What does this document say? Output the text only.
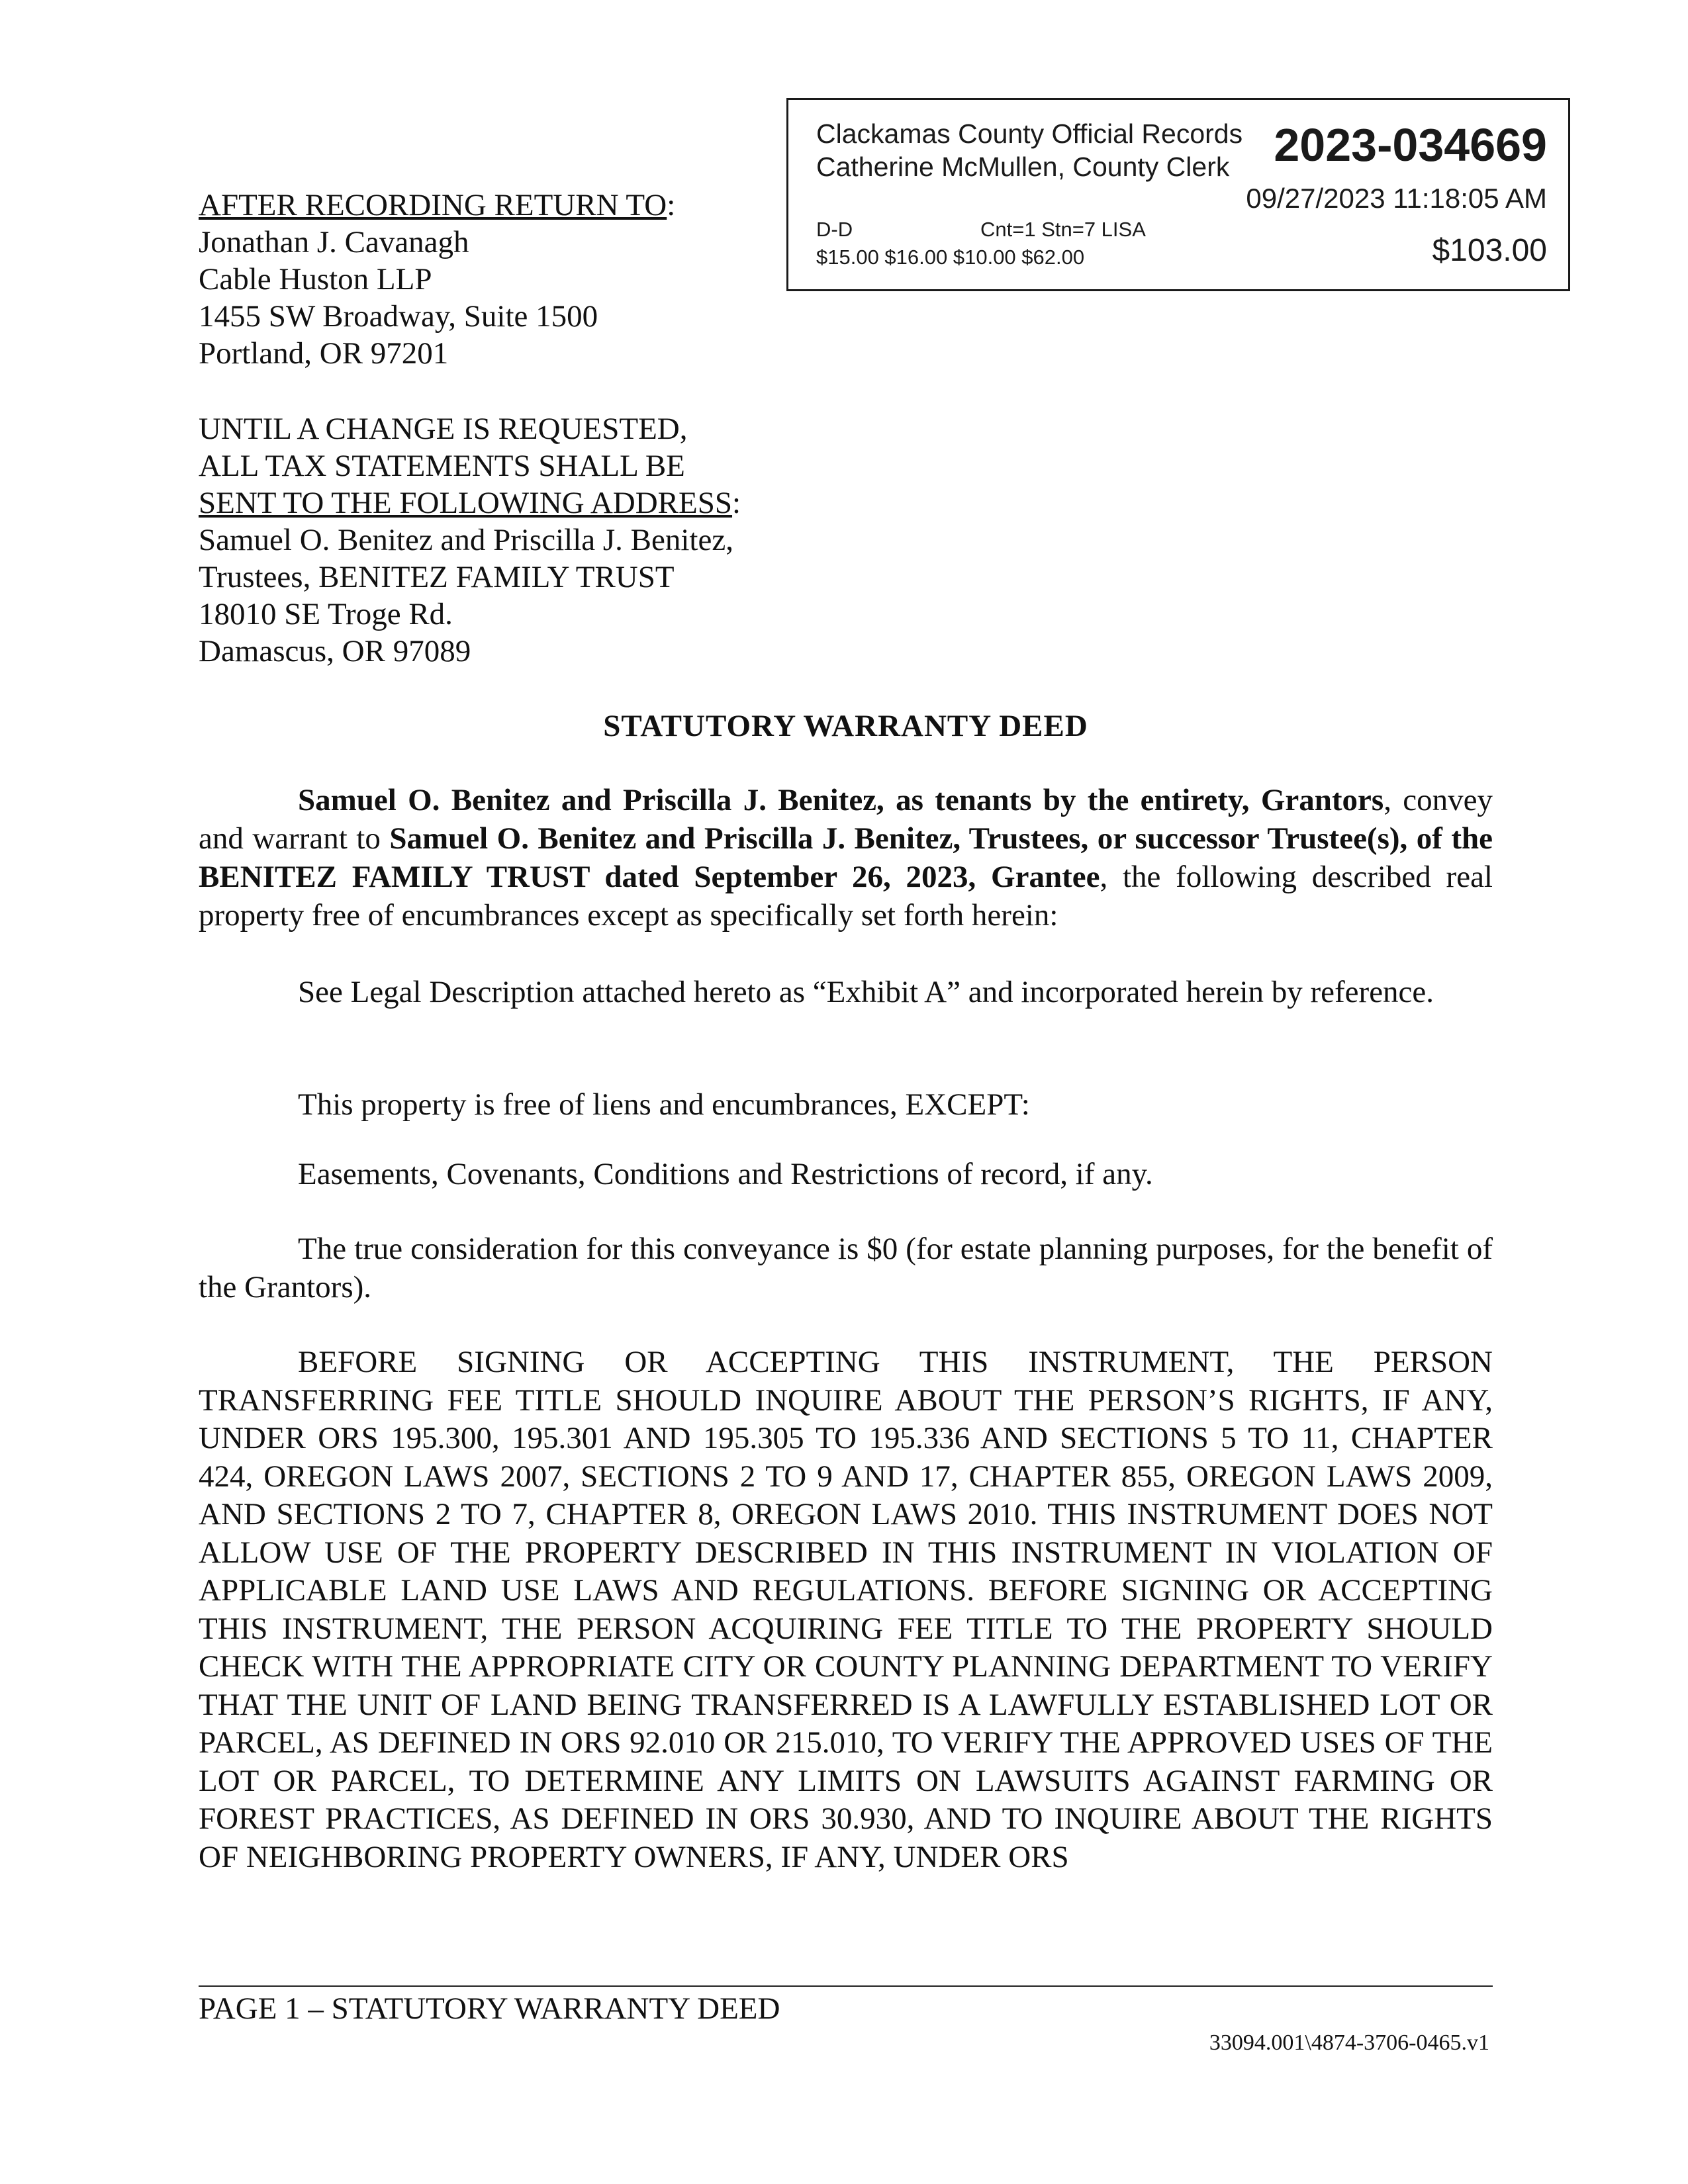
Clackamas County Official Records
Catherine McMullen, County Clerk 2023-034669
09/27/2023 11:18:05 AM
D-D	Cnt=1 Stn=7 LISA
$15.00 $16.00 $10.00 $62.00	$103.00
AFTER RECORDING RETURN TO:
Jonathan J. Cavanagh
Cable Huston LLP
1455 SW Broadway, Suite 1500
Portland, OR 97201
UNTIL A CHANGE IS REQUESTED,
ALL TAX STATEMENTS SHALL BE
SENT TO THE FOLLOWING ADDRESS:
Samuel O. Benitez and Priscilla J. Benitez,
Trustees, BENITEZ FAMILY TRUST
18010 SE Troge Rd.
Damascus, OR 97089
STATUTORY WARRANTY DEED
Samuel O. Benitez and Priscilla J. Benitez, as tenants by the entirety, Grantors, convey and warrant to Samuel O. Benitez and Priscilla J. Benitez, Trustees, or successor Trustee(s), of the BENITEZ FAMILY TRUST dated September 26, 2023, Grantee, the following described real property free of encumbrances except as specifically set forth herein:
See Legal Description attached hereto as “Exhibit A” and incorporated herein by reference.
This property is free of liens and encumbrances, EXCEPT:
Easements, Covenants, Conditions and Restrictions of record, if any.
The true consideration for this conveyance is $0 (for estate planning purposes, for the benefit of the Grantors).
BEFORE SIGNING OR ACCEPTING THIS INSTRUMENT, THE PERSON TRANSFERRING FEE TITLE SHOULD INQUIRE ABOUT THE PERSON’S RIGHTS, IF ANY, UNDER ORS 195.300, 195.301 AND 195.305 TO 195.336 AND SECTIONS 5 TO 11, CHAPTER 424, OREGON LAWS 2007, SECTIONS 2 TO 9 AND 17, CHAPTER 855, OREGON LAWS 2009, AND SECTIONS 2 TO 7, CHAPTER 8, OREGON LAWS 2010. THIS INSTRUMENT DOES NOT ALLOW USE OF THE PROPERTY DESCRIBED IN THIS INSTRUMENT IN VIOLATION OF APPLICABLE LAND USE LAWS AND REGULATIONS. BEFORE SIGNING OR ACCEPTING THIS INSTRUMENT, THE PERSON ACQUIRING FEE TITLE TO THE PROPERTY SHOULD CHECK WITH THE APPROPRIATE CITY OR COUNTY PLANNING DEPARTMENT TO VERIFY THAT THE UNIT OF LAND BEING TRANSFERRED IS A LAWFULLY ESTABLISHED LOT OR PARCEL, AS DEFINED IN ORS 92.010 OR 215.010, TO VERIFY THE APPROVED USES OF THE LOT OR PARCEL, TO DETERMINE ANY LIMITS ON LAWSUITS AGAINST FARMING OR FOREST PRACTICES, AS DEFINED IN ORS 30.930, AND TO INQUIRE ABOUT THE RIGHTS OF NEIGHBORING PROPERTY OWNERS, IF ANY, UNDER ORS
PAGE 1 – STATUTORY WARRANTY DEED
33094.001\4874-3706-0465.v1
